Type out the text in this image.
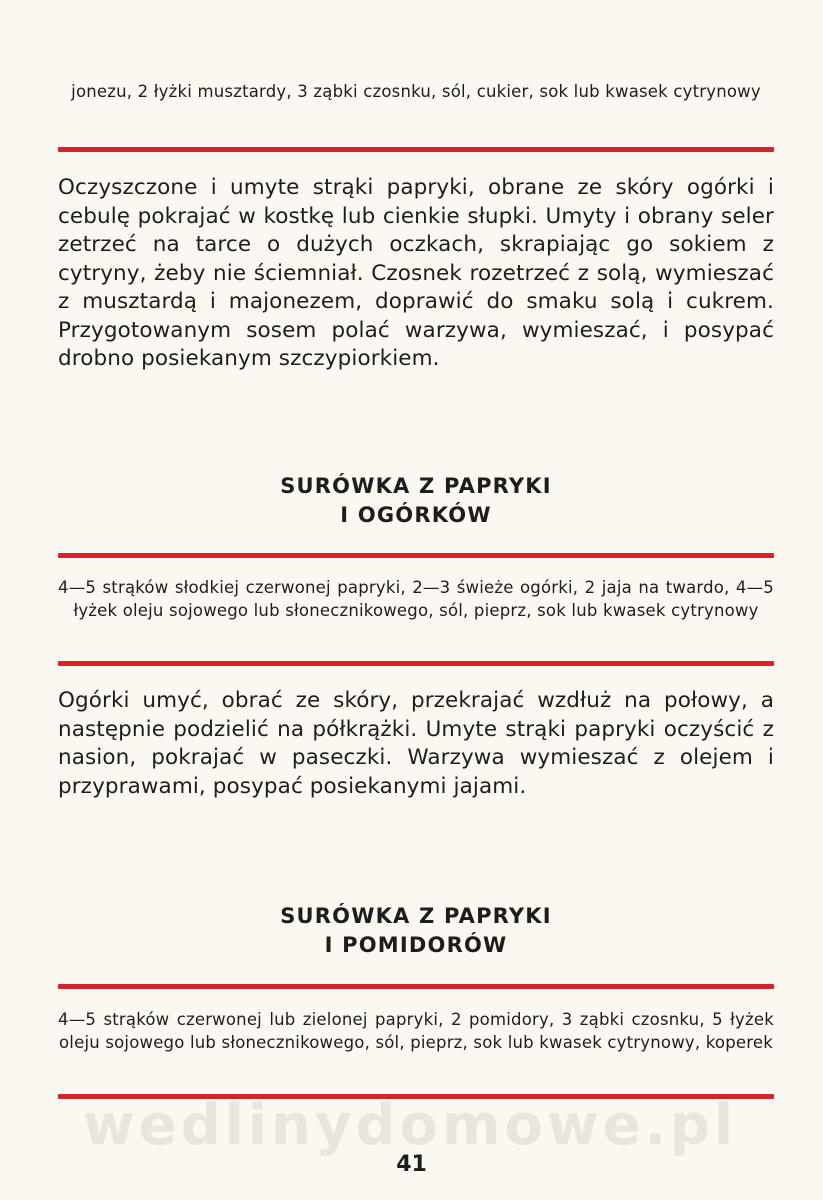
jonezu, 2 łyżki musztardy, 3 ząbki czosnku, sól, cukier, sok lub kwasek cytrynowy
Oczyszczone i umyte strąki papryki, obrane ze skóry ogórki i cebulę pokrajać w kostkę lub cienkie słupki. Umyty i obrany seler zetrzeć na tarce o dużych oczkach, skrapiając go sokiem z cytryny, żeby nie ściemniał. Czosnek rozetrzeć z solą, wymieszać z musztardą i majonezem, doprawić do smaku solą i cukrem. Przygotowanym sosem polać warzywa, wymieszać, i posypać drobno posiekanym szczypiorkiem.
SURÓWKA Z PAPRYKI
I OGÓRKÓW
4—5 strąków słodkiej czerwonej papryki, 2—3 świeże ogórki, 2 jaja na twardo, 4—5 łyżek oleju sojowego lub słonecznikowego, sól, pieprz, sok lub kwasek cytrynowy
Ogórki umyć, obrać ze skóry, przekrajać wzdłuż na połowy, a następnie podzielić na półkrążki. Umyte strąki papryki oczyścić z nasion, pokrajać w paseczki. Warzywa wymieszać z olejem i przyprawami, posypać posiekanymi jajami.
SURÓWKA Z PAPRYKI
I POMIDORÓW
4—5 strąków czerwonej lub zielonej papryki, 2 pomidory, 3 ząbki czosnku, 5 łyżek oleju sojowego lub słonecznikowego, sól, pieprz, sok lub kwasek cytrynowy, koperek
wedlinydomowe.pl
41
